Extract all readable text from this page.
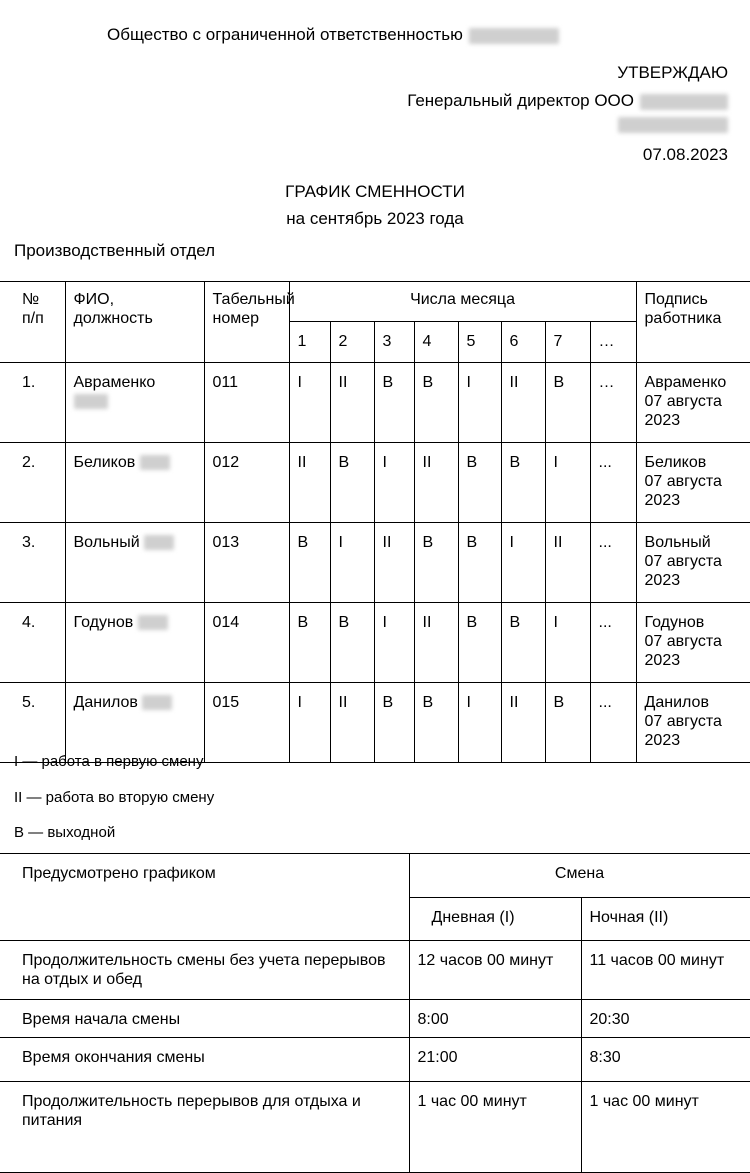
Общество с ограниченной ответственностью
УТВЕРЖДАЮ
Генеральный директор ООО
07.08.2023
ГРАФИК СМЕННОСТИ
на сентябрь 2023 года
Производственный отдел
№ п/п	ФИО, должность	Табельный номер	Числа месяца								Подпись работника
			1	2	3	4	5	6	7	…	
1.	Авраменко	011	I	II	В	В	I	II	В	…	Авраменко
07 августа 2023
2.	Беликов	012	II	В	I	II	В	В	I	...	Беликов
07 августа 2023
3.	Вольный	013	В	I	II	В	В	I	II	...	Вольный
07 августа 2023
4.	Годунов	014	В	В	I	II	В	В	I	...	Годунов
07 августа 2023
5.	Данилов	015	I	II	В	В	I	II	В	...	Данилов
07 августа 2023
I — работа в первую смену
II — работа во вторую смену
В — выходной
Предусмотрено графиком	Смена	
	Дневная (I)	Ночная (II)
Продолжительность смены без учета перерывов на отдых и обед	12 часов 00 минут	11 часов 00 минут
Время начала смены	8:00	20:30
Время окончания смены	21:00	8:30
Продолжительность перерывов для отдыха и питания	1 час 00 минут	1 час 00 минут
